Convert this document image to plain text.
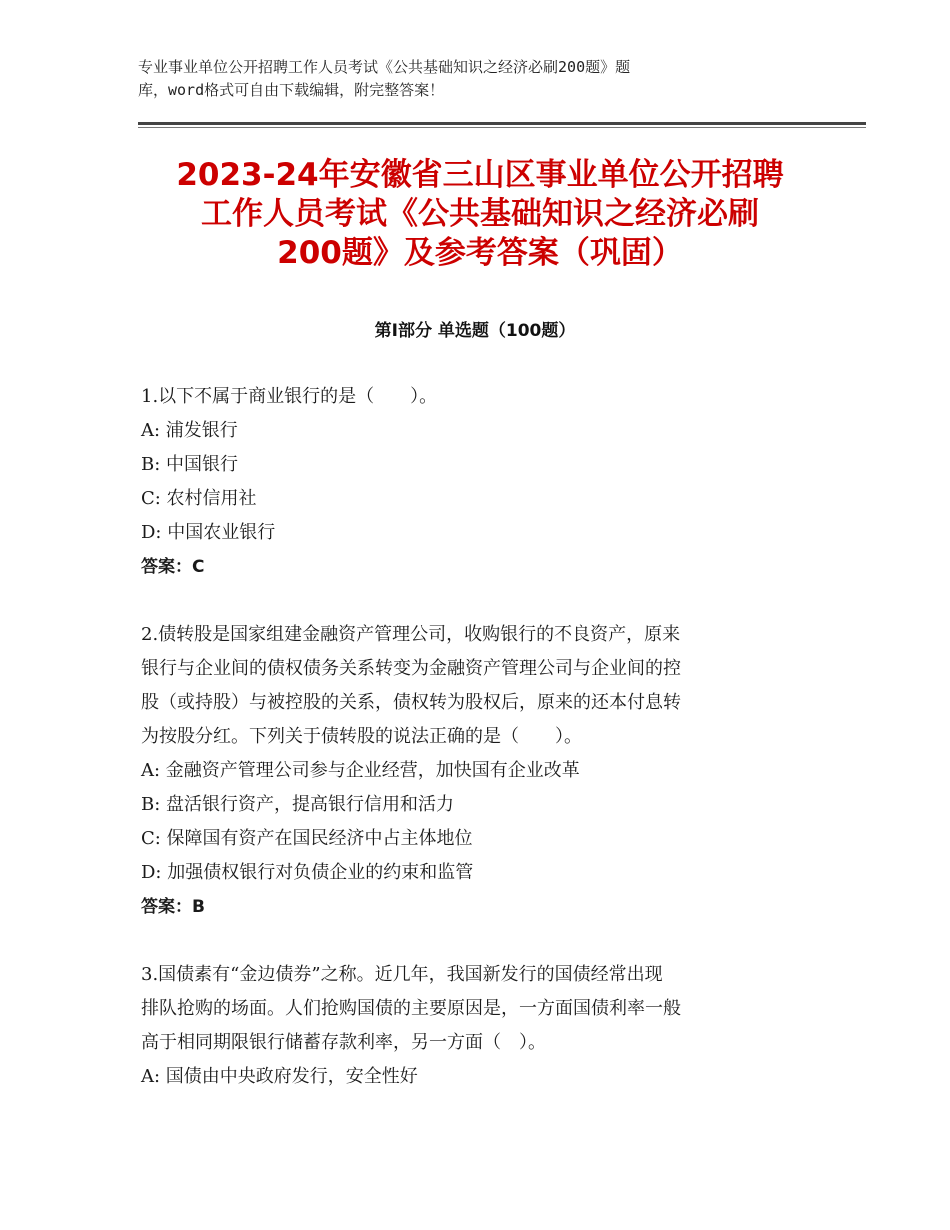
专业事业单位公开招聘工作人员考试《公共基础知识之经济必刷200题》题
库，word格式可自由下载编辑，附完整答案！
2023-24年安徽省三山区事业单位公开招聘
工作人员考试《公共基础知识之经济必刷
200题》及参考答案（巩固）
第Ⅰ部分 单选题（100题）
1.以下不属于商业银行的是（　　）。
A: 浦发银行
B: 中国银行
C: 农村信用社
D: 中国农业银行
答案：C
2.债转股是国家组建金融资产管理公司，收购银行的不良资产，原来
银行与企业间的债权债务关系转变为金融资产管理公司与企业间的控
股（或持股）与被控股的关系，债权转为股权后，原来的还本付息转
为按股分红。下列关于债转股的说法正确的是（　　）。
A: 金融资产管理公司参与企业经营，加快国有企业改革
B: 盘活银行资产，提高银行信用和活力
C: 保障国有资产在国民经济中占主体地位
D: 加强债权银行对负债企业的约束和监管
答案：B
3.国债素有“金边债券”之称。近几年，我国新发行的国债经常出现
排队抢购的场面。人们抢购国债的主要原因是，一方面国债利率一般
高于相同期限银行储蓄存款利率，另一方面（　）。
A: 国债由中央政府发行，安全性好
